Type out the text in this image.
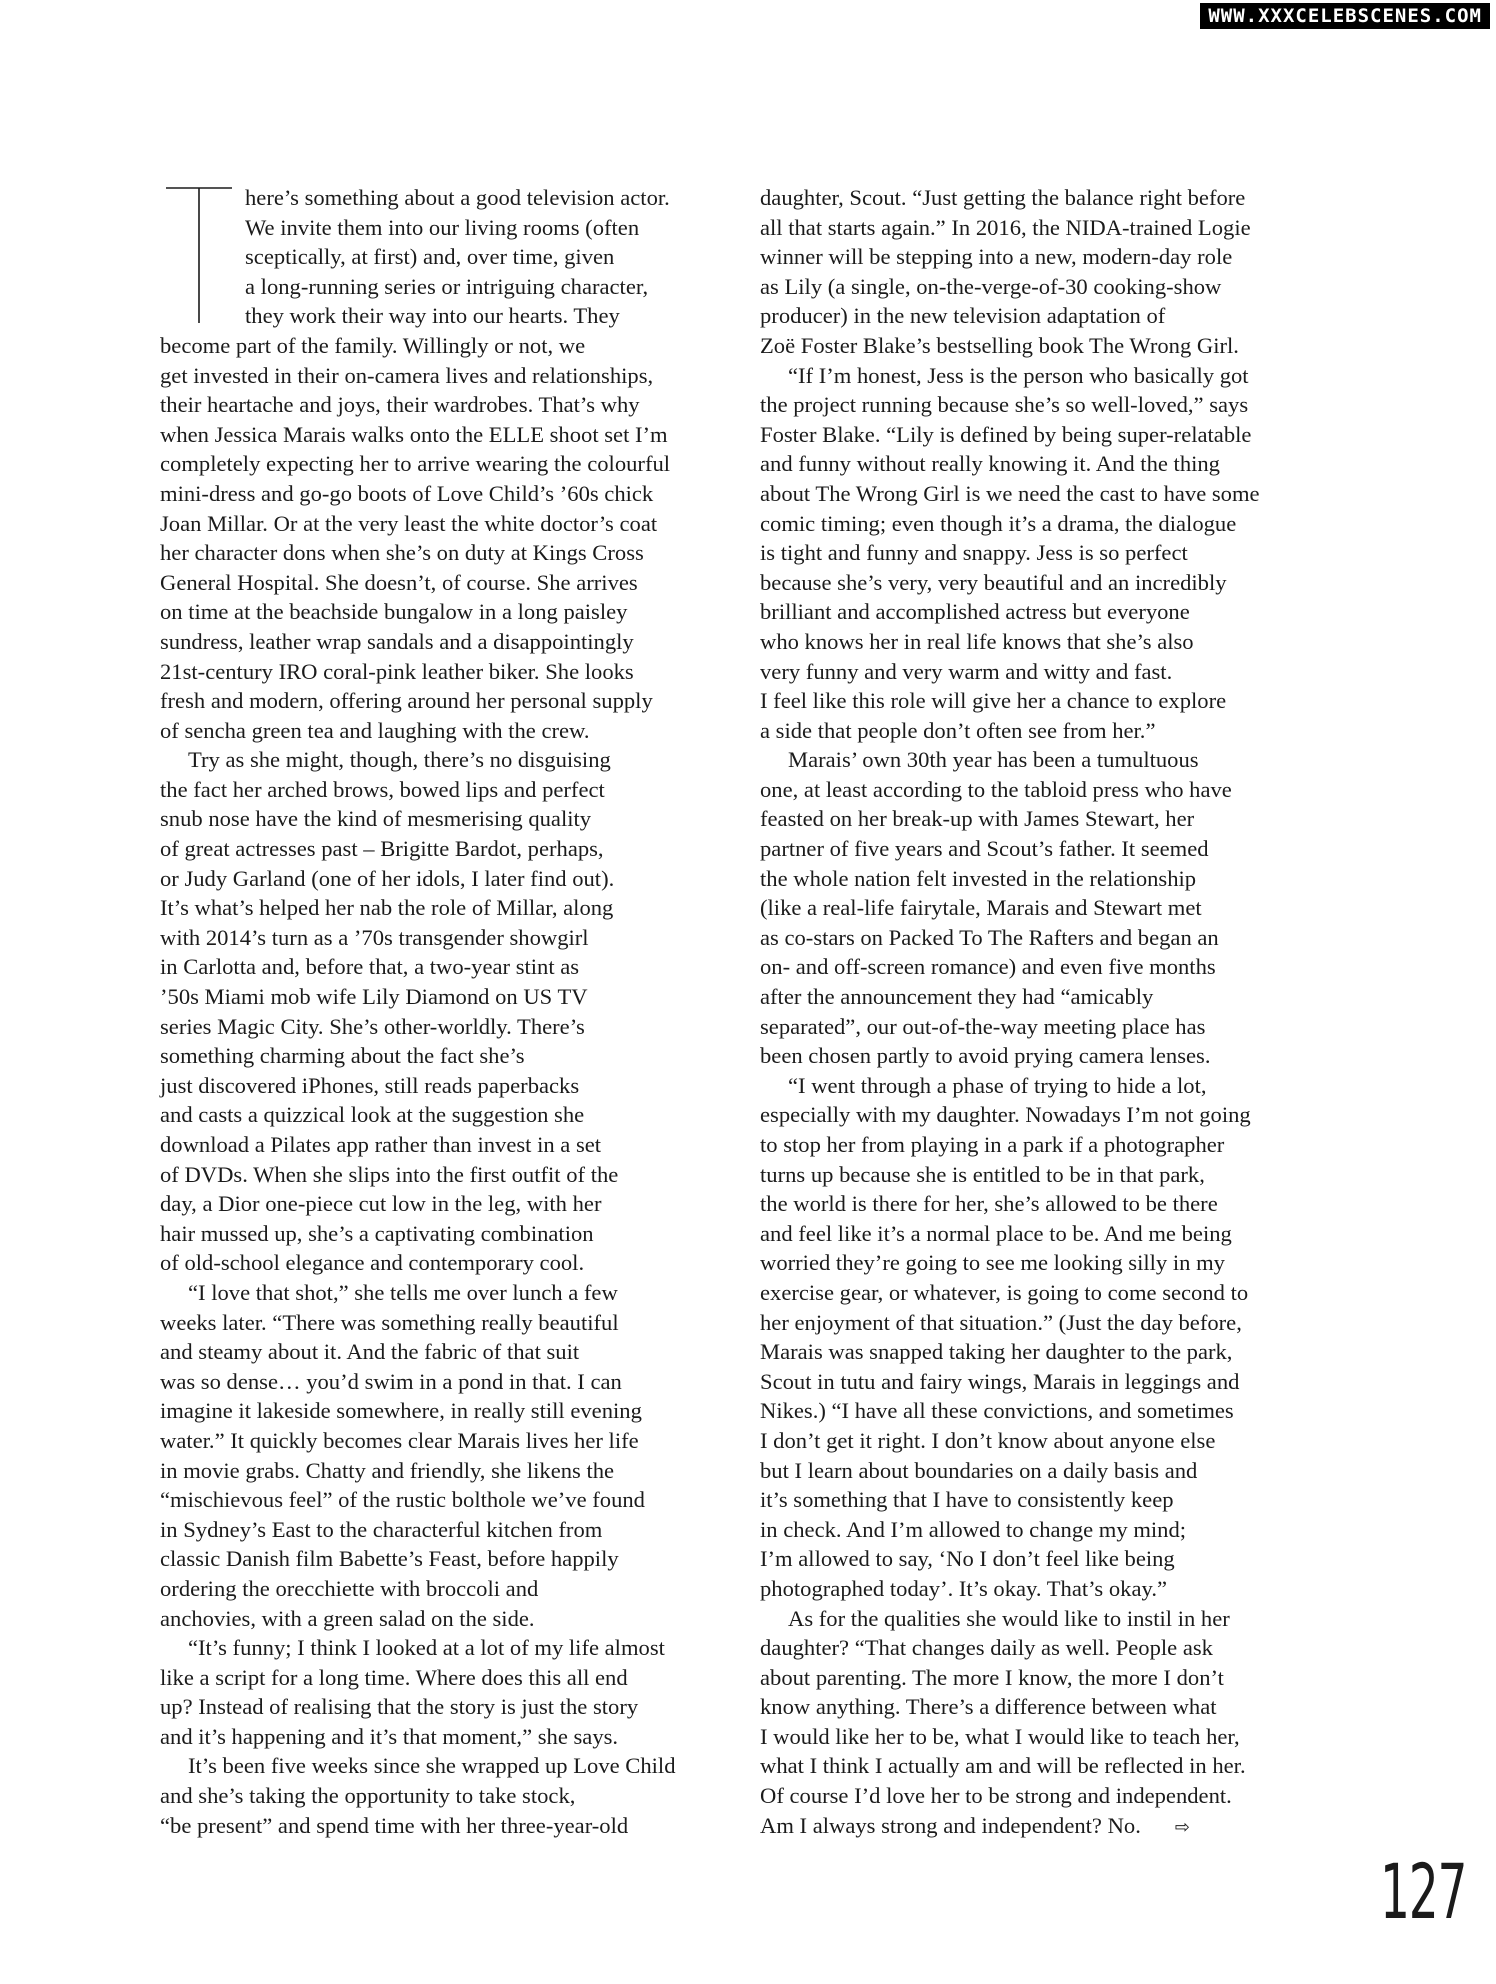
WWW.XXXCELEBSCENES.COM
T

here’s something about a good television actor.
We invite them into our living rooms (often
sceptically, at first) and, over time, given
a long-running series or intriguing character,
they work their way into our hearts. They

become part of the family. Willingly or not, we
get invested in their on-camera lives and relationships,
their heartache and joys, their wardrobes. That’s why
when Jessica Marais walks onto the ELLE shoot set I’m
completely expecting her to arrive wearing the colourful
mini-dress and go-go boots of Love Child’s ’60s chick
Joan Millar. Or at the very least the white doctor’s coat
her character dons when she’s on duty at Kings Cross
General Hospital. She doesn’t, of course. She arrives
on time at the beachside bungalow in a long paisley
sundress, leather wrap sandals and a disappointingly
21st-century IRO coral-pink leather biker. She looks
fresh and modern, offering around her personal supply
of sencha green tea and laughing with the crew.

Try as she might, though, there’s no disguising
the fact her arched brows, bowed lips and perfect
snub nose have the kind of mesmerising quality
of great actresses past – Brigitte Bardot, perhaps,
or Judy Garland (one of her idols, I later find out).
It’s what’s helped her nab the role of Millar, along
with 2014’s turn as a ’70s transgender showgirl
in Carlotta and, before that, a two-year stint as
’50s Miami mob wife Lily Diamond on US TV
series Magic City. She’s other-worldly. There’s
something charming about the fact she’s
just discovered iPhones, still reads paperbacks
and casts a quizzical look at the suggestion she
download a Pilates app rather than invest in a set
of DVDs. When she slips into the first outfit of the
day, a Dior one-piece cut low in the leg, with her
hair mussed up, she’s a captivating combination
of old-school elegance and contemporary cool.

“I love that shot,” she tells me over lunch a few
weeks later. “There was something really beautiful
and steamy about it. And the fabric of that suit
was so dense… you’d swim in a pond in that. I can
imagine it lakeside somewhere, in really still evening
water.” It quickly becomes clear Marais lives her life
in movie grabs. Chatty and friendly, she likens the
“mischievous feel” of the rustic bolthole we’ve found
in Sydney’s East to the characterful kitchen from
classic Danish film Babette’s Feast, before happily
ordering the orecchiette with broccoli and
anchovies, with a green salad on the side.

“It’s funny; I think I looked at a lot of my life almost
like a script for a long time. Where does this all end
up? Instead of realising that the story is just the story
and it’s happening and it’s that moment,” she says.

It’s been five weeks since she wrapped up Love Child
and she’s taking the opportunity to take stock,
“be present” and spend time with her three-year-old

daughter, Scout. “Just getting the balance right before
all that starts again.” In 2016, the NIDA-trained Logie
winner will be stepping into a new, modern-day role
as Lily (a single, on-the-verge-of-30 cooking-show
producer) in the new television adaptation of
Zoë Foster Blake’s bestselling book The Wrong Girl.

“If I’m honest, Jess is the person who basically got
the project running because she’s so well-loved,” says
Foster Blake. “Lily is defined by being super-relatable
and funny without really knowing it. And the thing
about The Wrong Girl is we need the cast to have some
comic timing; even though it’s a drama, the dialogue
is tight and funny and snappy. Jess is so perfect
because she’s very, very beautiful and an incredibly
brilliant and accomplished actress but everyone
who knows her in real life knows that she’s also
very funny and very warm and witty and fast.
I feel like this role will give her a chance to explore
a side that people don’t often see from her.”

Marais’ own 30th year has been a tumultuous
one, at least according to the tabloid press who have
feasted on her break-up with James Stewart, her
partner of five years and Scout’s father. It seemed
the whole nation felt invested in the relationship
(like a real-life fairytale, Marais and Stewart met
as co-stars on Packed To The Rafters and began an
on- and off-screen romance) and even five months
after the announcement they had “amicably
separated”, our out-of-the-way meeting place has
been chosen partly to avoid prying camera lenses.

“I went through a phase of trying to hide a lot,
especially with my daughter. Nowadays I’m not going
to stop her from playing in a park if a photographer
turns up because she is entitled to be in that park,
the world is there for her, she’s allowed to be there
and feel like it’s a normal place to be. And me being
worried they’re going to see me looking silly in my
exercise gear, or whatever, is going to come second to
her enjoyment of that situation.” (Just the day before,
Marais was snapped taking her daughter to the park,
Scout in tutu and fairy wings, Marais in leggings and
Nikes.) “I have all these convictions, and sometimes
I don’t get it right. I don’t know about anyone else
but I learn about boundaries on a daily basis and
it’s something that I have to consistently keep
in check. And I’m allowed to change my mind;
I’m allowed to say, ‘No I don’t feel like being
photographed today’. It’s okay. That’s okay.”

As for the qualities she would like to instil in her
daughter? “That changes daily as well. People ask
about parenting. The more I know, the more I don’t
know anything. There’s a difference between what
I would like her to be, what I would like to teach her,
what I think I actually am and will be reflected in her.
Of course I’d love her to be strong and independent.
Am I always strong and independent? No. ⇨

127
